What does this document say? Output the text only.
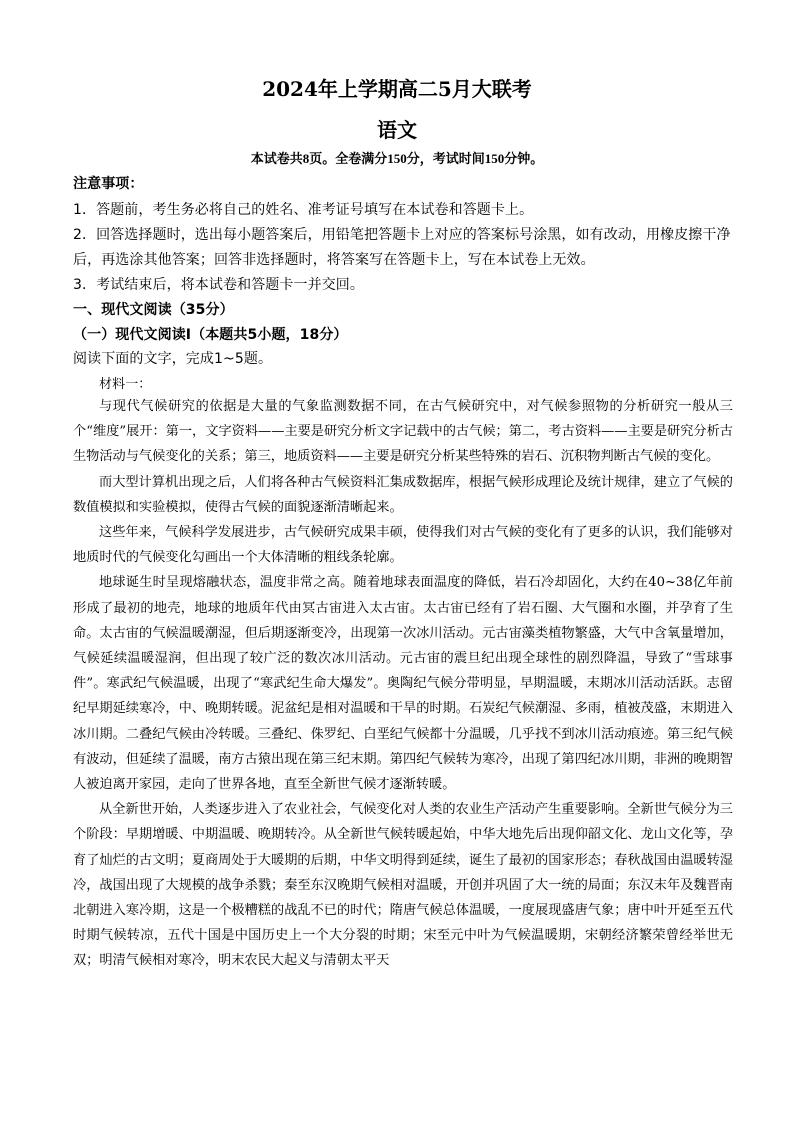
2024年上学期高二5月大联考
语文
本试卷共8页。全卷满分150分，考试时间150分钟。
注意事项：
1．答题前，考生务必将自己的姓名、准考证号填写在本试卷和答题卡上。
2．回答选择题时，选出每小题答案后，用铅笔把答题卡上对应的答案标号涂黑，如有改动，用橡皮擦干净
后，再选涂其他答案；回答非选择题时，将答案写在答题卡上，写在本试卷上无效。
3．考试结束后，将本试卷和答题卡一并交回。
一、现代文阅读（35分）
（一）现代文阅读Ⅰ（本题共5小题，18分）
阅读下面的文字，完成1~5题。
材料一：

与现代气候研究的依据是大量的气象监测数据不同，在古气候研究中，对气候参照物的分析研究一般从三个“维度”展开：第一，文字资料——主要是研究分析文字记载中的古气候；第二，考古资料——主要是研究分析古生物活动与气候变化的关系；第三，地质资料——主要是研究分析某些特殊的岩石、沉积物判断古气候的变化。

而大型计算机出现之后，人们将各种古气候资料汇集成数据库，根据气候形成理论及统计规律，建立了气候的数值模拟和实验模拟，使得古气候的面貌逐渐清晰起来。

这些年来，气候科学发展进步，古气候研究成果丰硕，使得我们对古气候的变化有了更多的认识，我们能够对地质时代的气候变化勾画出一个大体清晰的粗线条轮廓。

地球诞生时呈现熔融状态，温度非常之高。随着地球表面温度的降低，岩石冷却固化，大约在40~38亿年前形成了最初的地壳，地球的地质年代由冥古宙进入太古宙。太古宙已经有了岩石圈、大气圈和水圈，并孕育了生命。太古宙的气候温暖潮湿，但后期逐渐变冷，出现第一次冰川活动。元古宙藻类植物繁盛，大气中含氧量增加，气候延续温暖湿润，但出现了较广泛的数次冰川活动。元古宙的震旦纪出现全球性的剧烈降温，导致了“雪球事件”。寒武纪气候温暖，出现了“寒武纪生命大爆发”。奥陶纪气候分带明显，早期温暖，末期冰川活动活跃。志留纪早期延续寒冷，中、晚期转暖。泥盆纪是相对温暖和干旱的时期。石炭纪气候潮湿、多雨，植被茂盛，末期进入冰川期。二叠纪气候由冷转暖。三叠纪、侏罗纪、白垩纪气候都十分温暖，几乎找不到冰川活动痕迹。第三纪气候有波动，但延续了温暖，南方古猿出现在第三纪末期。第四纪气候转为寒冷，出现了第四纪冰川期，非洲的晚期智人被迫离开家园，走向了世界各地，直至全新世气候才逐渐转暖。

从全新世开始，人类逐步进入了农业社会，气候变化对人类的农业生产活动产生重要影响。全新世气候分为三个阶段：早期增暖、中期温暖、晚期转冷。从全新世气候转暖起始，中华大地先后出现仰韶文化、龙山文化等，孕育了灿烂的古文明；夏商周处于大暖期的后期，中华文明得到延续，诞生了最初的国家形态；春秋战国由温暖转湿冷，战国出现了大规模的战争杀戮；秦至东汉晚期气候相对温暖，开创并巩固了大一统的局面；东汉末年及魏晋南北朝进入寒冷期，这是一个极糟糕的战乱不已的时代；隋唐气候总体温暖，一度展现盛唐气象；唐中叶开延至五代时期气候转凉，五代十国是中国历史上一个大分裂的时期；宋至元中叶为气候温暖期，宋朝经济繁荣曾经举世无双；明清气候相对寒冷，明末农民大起义与清朝太平天
